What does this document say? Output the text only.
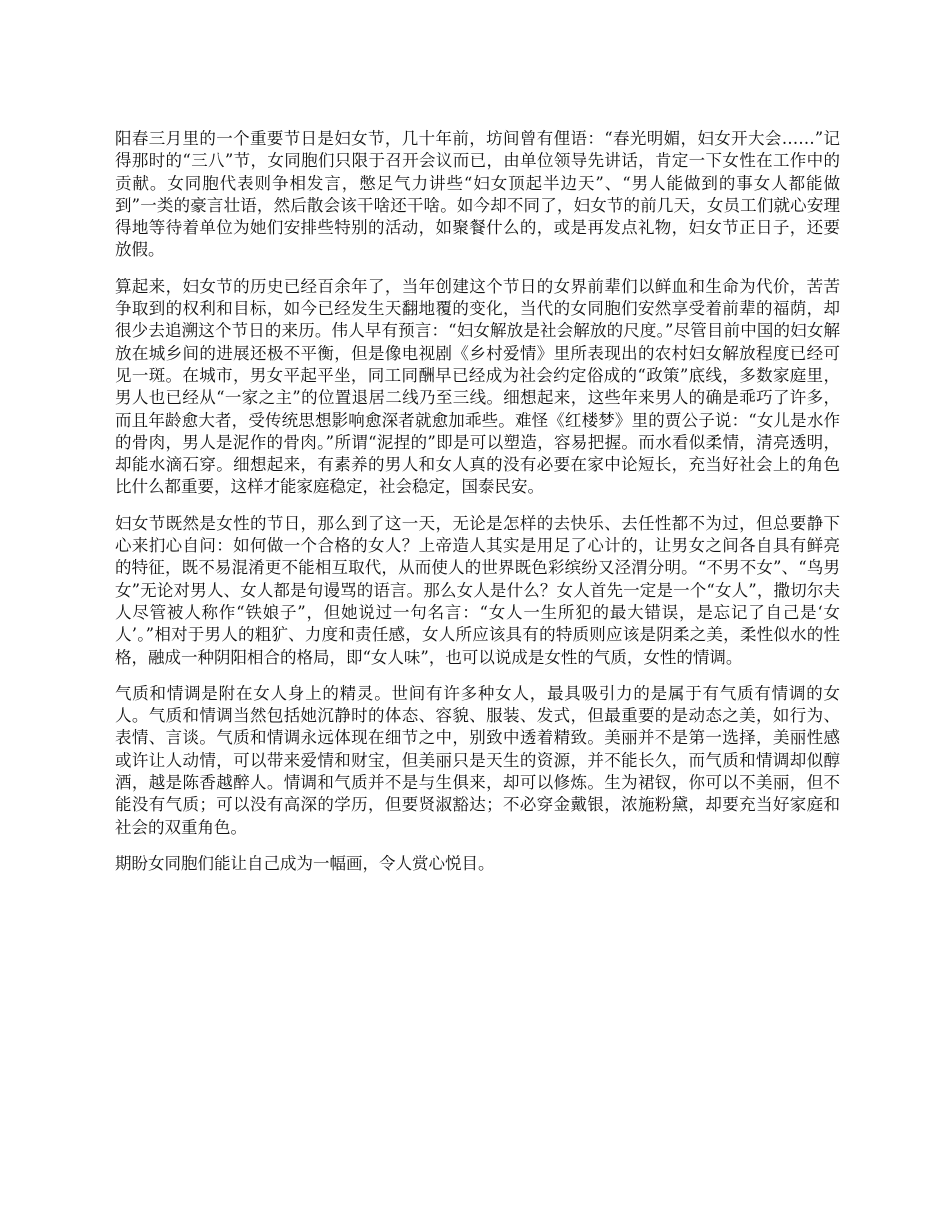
阳春三月里的一个重要节日是妇女节，几十年前，坊间曾有俚语：“春光明媚，妇女开大会……”记得那时的“三八”节，女同胞们只限于召开会议而已，由单位领导先讲话，肯定一下女性在工作中的贡献。女同胞代表则争相发言，憋足气力讲些“妇女顶起半边天”、“男人能做到的事女人都能做到”一类的豪言壮语，然后散会该干啥还干啥。如今却不同了，妇女节的前几天，女员工们就心安理得地等待着单位为她们安排些特别的活动，如聚餐什么的，或是再发点礼物，妇女节正日子，还要放假。

算起来，妇女节的历史已经百余年了，当年创建这个节日的女界前辈们以鲜血和生命为代价，苦苦争取到的权利和目标，如今已经发生天翻地覆的变化，当代的女同胞们安然享受着前辈的福荫，却很少去追溯这个节日的来历。伟人早有预言：“妇女解放是社会解放的尺度。”尽管目前中国的妇女解放在城乡间的进展还极不平衡，但是像电视剧《乡村爱情》里所表现出的农村妇女解放程度已经可见一斑。在城市，男女平起平坐，同工同酬早已经成为社会约定俗成的“政策”底线，多数家庭里，男人也已经从“一家之主”的位置退居二线乃至三线。细想起来，这些年来男人的确是乖巧了许多，而且年龄愈大者，受传统思想影响愈深者就愈加乖些。难怪《红楼梦》里的贾公子说：“女儿是水作的骨肉，男人是泥作的骨肉。”所谓“泥捏的”即是可以塑造，容易把握。而水看似柔情，清亮透明，却能水滴石穿。细想起来，有素养的男人和女人真的没有必要在家中论短长，充当好社会上的角色比什么都重要，这样才能家庭稳定，社会稳定，国泰民安。

妇女节既然是女性的节日，那么到了这一天，无论是怎样的去快乐、去任性都不为过，但总要静下心来扪心自问：如何做一个合格的女人？上帝造人其实是用足了心计的，让男女之间各自具有鲜亮的特征，既不易混淆更不能相互取代，从而使人的世界既色彩缤纷又泾渭分明。“不男不女”、“鸟男女”无论对男人、女人都是句谩骂的语言。那么女人是什么？女人首先一定是一个“女人”，撒切尔夫人尽管被人称作“铁娘子”，但她说过一句名言：“女人一生所犯的最大错误，是忘记了自己是‘女人’。”相对于男人的粗犷、力度和责任感，女人所应该具有的特质则应该是阴柔之美，柔性似水的性格，融成一种阴阳相合的格局，即“女人味”，也可以说成是女性的气质，女性的情调。

气质和情调是附在女人身上的精灵。世间有许多种女人，最具吸引力的是属于有气质有情调的女人。气质和情调当然包括她沉静时的体态、容貌、服装、发式，但最重要的是动态之美，如行为、表情、言谈。气质和情调永远体现在细节之中，别致中透着精致。美丽并不是第一选择，美丽性感或许让人动情，可以带来爱情和财宝，但美丽只是天生的资源，并不能长久，而气质和情调却似醇酒，越是陈香越醉人。情调和气质并不是与生俱来，却可以修炼。生为裙钗，你可以不美丽，但不能没有气质；可以没有高深的学历，但要贤淑豁达；不必穿金戴银，浓施粉黛，却要充当好家庭和社会的双重角色。

期盼女同胞们能让自己成为一幅画，令人赏心悦目。
